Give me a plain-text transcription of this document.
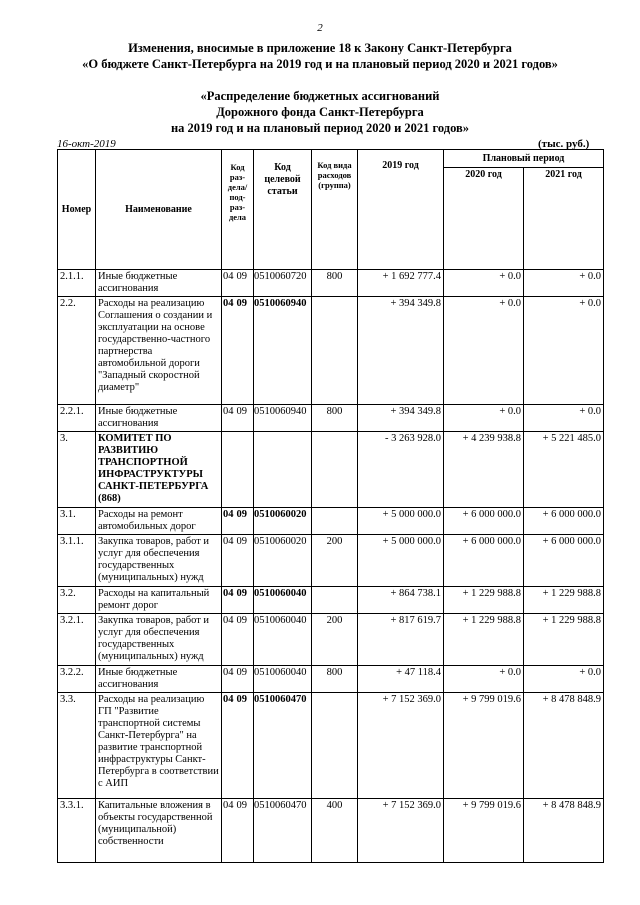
2
Изменения, вносимые в приложение 18 к Закону Санкт-Петербурга
«О бюджете Санкт-Петербурга на 2019 год и на плановый период 2020 и 2021 годов»
«Распределение бюджетных ассигнований
Дорожного фонда Санкт-Петербурга
на 2019 год и на плановый период 2020 и 2021 годов»
16-окт-2019	(тыс. руб.)
Номер	Наименование	Код раз-дела/ под-раз-дела	Код целевой статьи	Код вида расходов (группа)	2019 год	Плановый период	
						2020 год	2021 год
2.1.1.	Иные бюджетные ассигнования	04 09	0510060720	800	+ 1 692 777.4	+ 0.0	+ 0.0
2.2.	Расходы на реализацию Соглашения о создании и эксплуатации на основе государственно-частного партнерства автомобильной дороги "Западный скоростной диаметр"	04 09	0510060940		+ 394 349.8	+ 0.0	+ 0.0
2.2.1.	Иные бюджетные ассигнования	04 09	0510060940	800	+ 394 349.8	+ 0.0	+ 0.0
3.	КОМИТЕТ ПО РАЗВИТИЮ ТРАНСПОРТНОЙ ИНФРАСТРУКТУРЫ САНКТ-ПЕТЕРБУРГА (868)				- 3 263 928.0	+ 4 239 938.8	+ 5 221 485.0
3.1.	Расходы на ремонт автомобильных дорог	04 09	0510060020		+ 5 000 000.0	+ 6 000 000.0	+ 6 000 000.0
3.1.1.	Закупка товаров, работ и услуг для обеспечения государственных (муниципальных) нужд	04 09	0510060020	200	+ 5 000 000.0	+ 6 000 000.0	+ 6 000 000.0
3.2.	Расходы на капитальный ремонт дорог	04 09	0510060040		+ 864 738.1	+ 1 229 988.8	+ 1 229 988.8
3.2.1.	Закупка товаров, работ и услуг для обеспечения государственных (муниципальных) нужд	04 09	0510060040	200	+ 817 619.7	+ 1 229 988.8	+ 1 229 988.8
3.2.2.	Иные бюджетные ассигнования	04 09	0510060040	800	+ 47 118.4	+ 0.0	+ 0.0
3.3.	Расходы на реализацию ГП "Развитие транспортной системы Санкт-Петербурга" на развитие транспортной инфраструктуры Санкт-Петербурга в соответствии с АИП	04 09	0510060470		+ 7 152 369.0	+ 9 799 019.6	+ 8 478 848.9
3.3.1.	Капитальные вложения в объекты государственной (муниципальной) собственности	04 09	0510060470	400	+ 7 152 369.0	+ 9 799 019.6	+ 8 478 848.9
